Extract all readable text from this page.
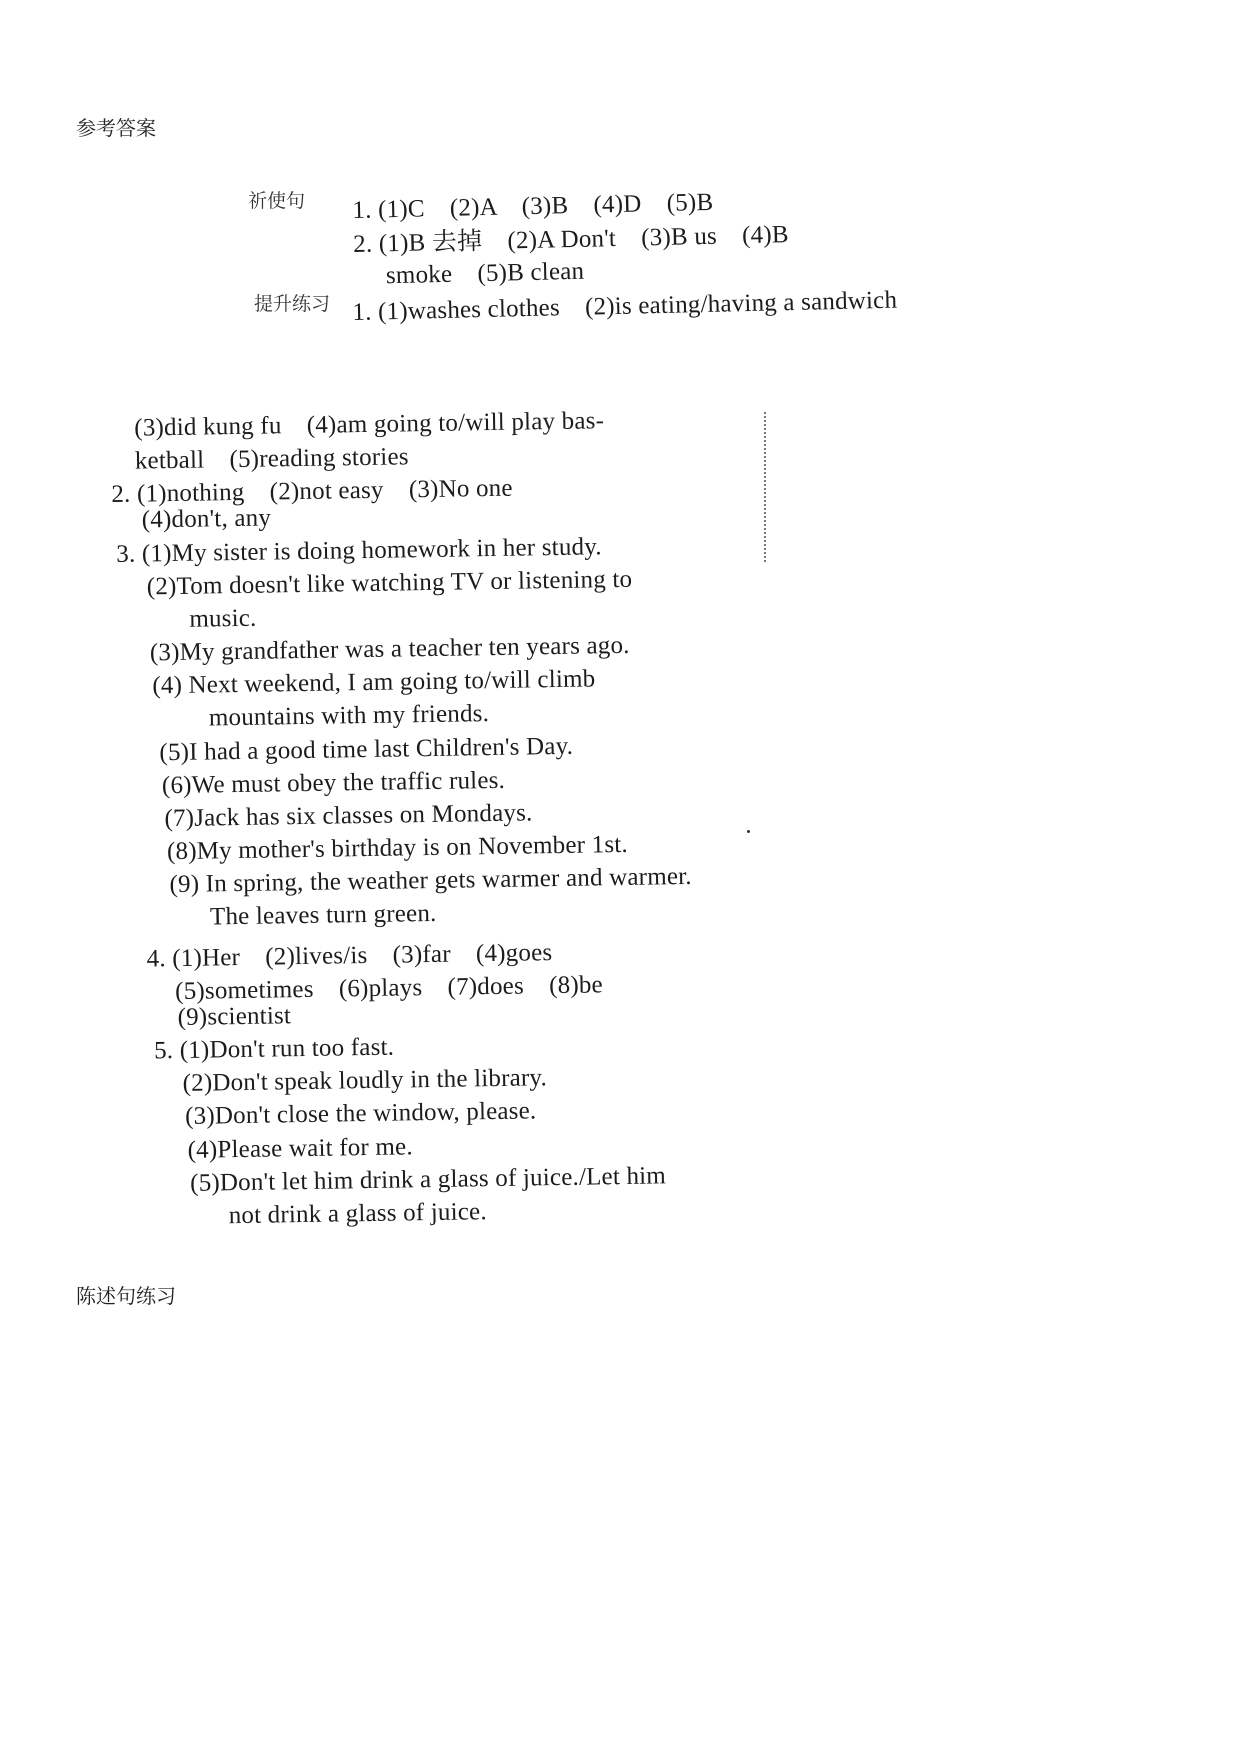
参考答案
祈使句 1. (1)C　(2)A　(3)B　(4)D　(5)B
2. (1)B 去掉　(2)A Don't　(3)B us　(4)B
smoke　(5)B clean
提升练习 1. (1)washes clothes　(2)is eating/having a sandwich
(3)did kung fu　(4)am going to/will play bas-
ketball　(5)reading stories
2. (1)nothing　(2)not easy　(3)No one
(4)don't, any
3. (1)My sister is doing homework in her study.
(2)Tom doesn't like watching TV or listening to
music.
(3)My grandfather was a teacher ten years ago.
(4) Next weekend, I am going to/will climb
mountains with my friends.
(5)I had a good time last Children's Day.
(6)We must obey the traffic rules.
(7)Jack has six classes on Mondays.
(8)My mother's birthday is on November 1st.
(9) In spring, the weather gets warmer and warmer.
The leaves turn green.
4. (1)Her　(2)lives/is　(3)far　(4)goes
(5)sometimes　(6)plays　(7)does　(8)be
(9)scientist
5. (1)Don't run too fast.
(2)Don't speak loudly in the library.
(3)Don't close the window, please.
(4)Please wait for me.
(5)Don't let him drink a glass of juice./Let him
not drink a glass of juice.
陈述句练习
